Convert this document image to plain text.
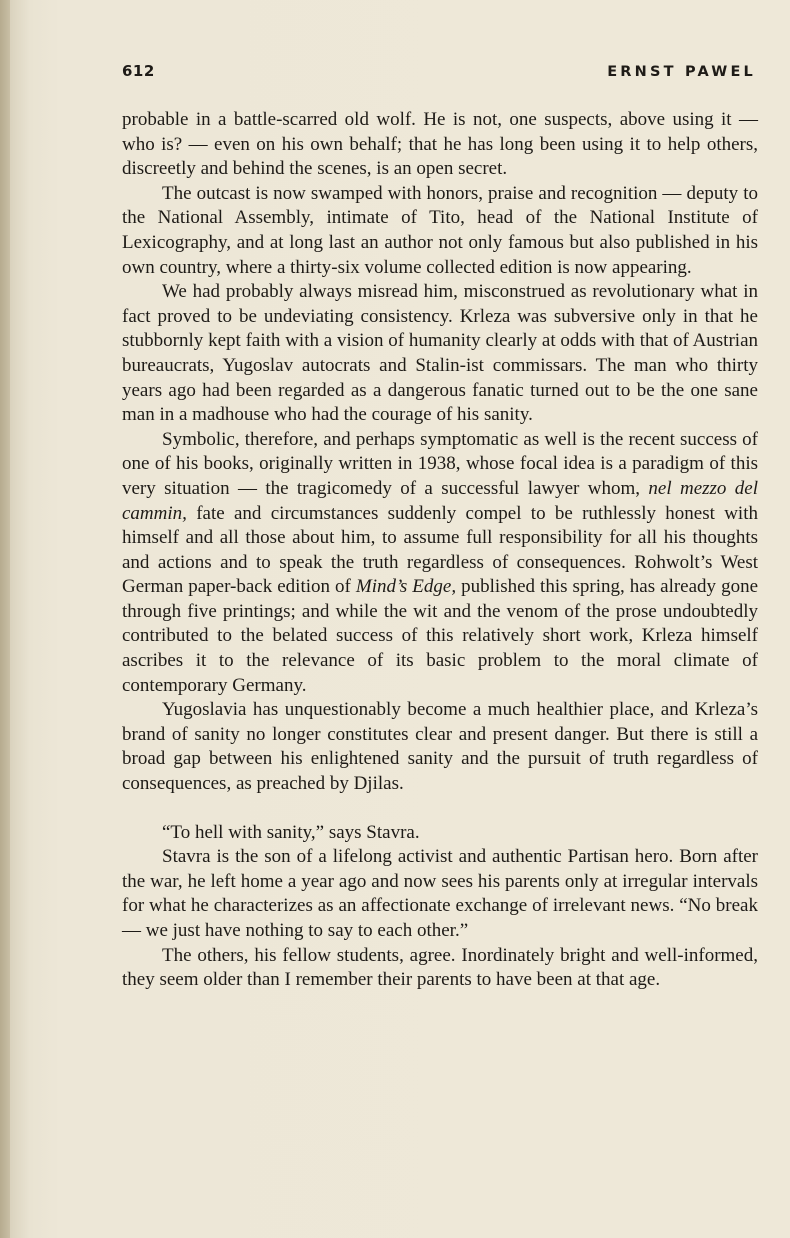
612	ERNST PAWEL

probable in a battle-scarred old wolf. He is not, one suspects, above using it — who is? — even on his own behalf; that he has long been using it to help others, discreetly and behind the scenes, is an open secret.

The outcast is now swamped with honors, praise and recognition — deputy to the National Assembly, intimate of Tito, head of the National Institute of Lexicography, and at long last an author not only famous but also published in his own country, where a thirty-six volume collected edition is now appearing.

We had probably always misread him, misconstrued as revolutionary what in fact proved to be undeviating consistency. Krleza was subversive only in that he stubbornly kept faith with a vision of humanity clearly at odds with that of Austrian bureaucrats, Yugoslav autocrats and Stalin-ist commissars. The man who thirty years ago had been regarded as a dangerous fanatic turned out to be the one sane man in a madhouse who had the courage of his sanity.

Symbolic, therefore, and perhaps symptomatic as well is the recent success of one of his books, originally written in 1938, whose focal idea is a paradigm of this very situation — the tragicomedy of a successful lawyer whom, nel mezzo del cammin, fate and circumstances suddenly compel to be ruthlessly honest with himself and all those about him, to assume full responsibility for all his thoughts and actions and to speak the truth regardless of consequences. Rohwolt’s West German paper-back edition of Mind’s Edge, published this spring, has already gone through five printings; and while the wit and the venom of the prose undoubtedly contributed to the belated success of this relatively short work, Krleza himself ascribes it to the relevance of its basic problem to the moral climate of contemporary Germany.

Yugoslavia has unquestionably become a much healthier place, and Krleza’s brand of sanity no longer constitutes clear and present danger. But there is still a broad gap between his enlightened sanity and the pursuit of truth regardless of consequences, as preached by Djilas.

“To hell with sanity,” says Stavra.

Stavra is the son of a lifelong activist and authentic Partisan hero. Born after the war, he left home a year ago and now sees his parents only at irregular intervals for what he characterizes as an affectionate exchange of irrelevant news. “No break — we just have nothing to say to each other.”

The others, his fellow students, agree. Inordinately bright and well-informed, they seem older than I remember their parents to have been at that age.
